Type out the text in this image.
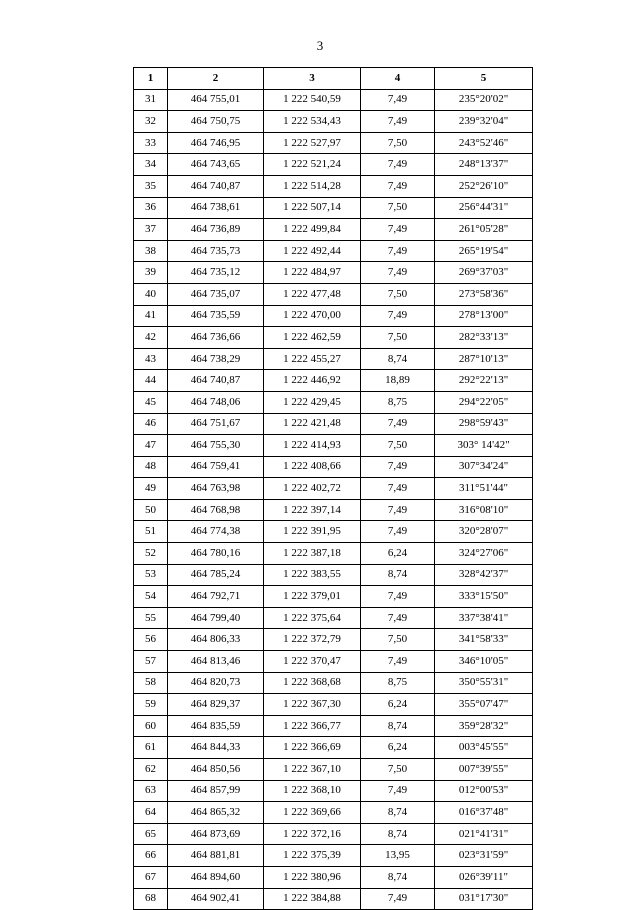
3
1	2	3	4	5
31	464 755,01	1 222 540,59	7,49	235°20'02"
32	464 750,75	1 222 534,43	7,49	239°32'04"
33	464 746,95	1 222 527,97	7,50	243°52'46"
34	464 743,65	1 222 521,24	7,49	248°13'37"
35	464 740,87	1 222 514,28	7,49	252°26'10"
36	464 738,61	1 222 507,14	7,50	256°44'31"
37	464 736,89	1 222 499,84	7,49	261°05'28"
38	464 735,73	1 222 492,44	7,49	265°19'54"
39	464 735,12	1 222 484,97	7,49	269°37'03"
40	464 735,07	1 222 477,48	7,50	273°58'36"
41	464 735,59	1 222 470,00	7,49	278°13'00"
42	464 736,66	1 222 462,59	7,50	282°33'13"
43	464 738,29	1 222 455,27	8,74	287°10'13"
44	464 740,87	1 222 446,92	18,89	292°22'13"
45	464 748,06	1 222 429,45	8,75	294°22'05"
46	464 751,67	1 222 421,48	7,49	298°59'43"
47	464 755,30	1 222 414,93	7,50	303° 14'42"
48	464 759,41	1 222 408,66	7,49	307°34'24"
49	464 763,98	1 222 402,72	7,49	311°51'44"
50	464 768,98	1 222 397,14	7,49	316°08'10"
51	464 774,38	1 222 391,95	7,49	320°28'07"
52	464 780,16	1 222 387,18	6,24	324°27'06"
53	464 785,24	1 222 383,55	8,74	328°42'37"
54	464 792,71	1 222 379,01	7,49	333°15'50"
55	464 799,40	1 222 375,64	7,49	337°38'41"
56	464 806,33	1 222 372,79	7,50	341°58'33"
57	464 813,46	1 222 370,47	7,49	346°10'05"
58	464 820,73	1 222 368,68	8,75	350°55'31"
59	464 829,37	1 222 367,30	6,24	355°07'47"
60	464 835,59	1 222 366,77	8,74	359°28'32"
61	464 844,33	1 222 366,69	6,24	003°45'55"
62	464 850,56	1 222 367,10	7,50	007°39'55"
63	464 857,99	1 222 368,10	7,49	012°00'53"
64	464 865,32	1 222 369,66	8,74	016°37'48"
65	464 873,69	1 222 372,16	8,74	021°41'31"
66	464 881,81	1 222 375,39	13,95	023°31'59"
67	464 894,60	1 222 380,96	8,74	026°39'11"
68	464 902,41	1 222 384,88	7,49	031°17'30"
